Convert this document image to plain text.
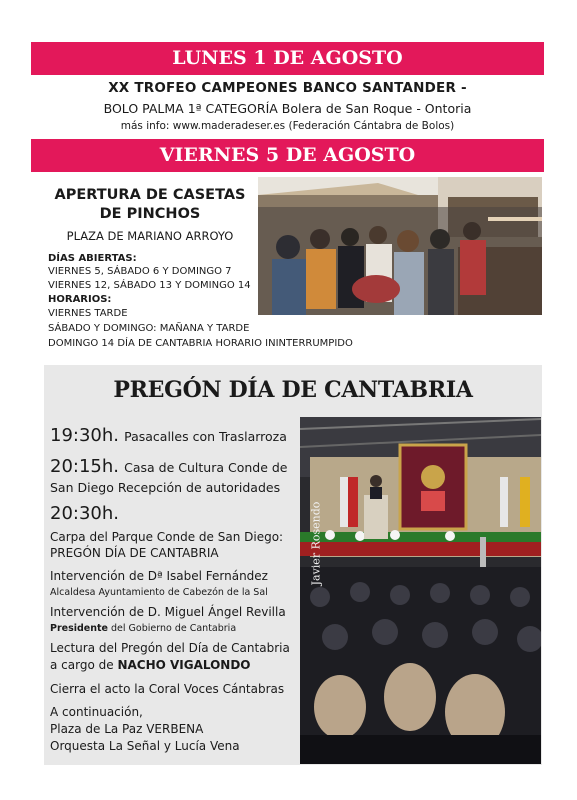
LUNES 1 DE AGOSTO
XX TROFEO CAMPEONES BANCO SANTANDER -
BOLO PALMA 1ª CATEGORÍA Bolera de San Roque - Ontoria
más info: www.maderadeser.es (Federación Cántabra de Bolos)
VIERNES 5 DE AGOSTO
APERTURA DE CASETAS
DE PINCHOS
PLAZA DE MARIANO ARROYO
DÍAS ABIERTAS:
VIERNES 5, SÁBADO 6 Y DOMINGO 7
VIERNES 12, SÁBADO 13 Y DOMINGO 14
HORARIOS:
VIERNES TARDE
SÁBADO Y DOMINGO: MAÑANA Y TARDE
DOMINGO 14 DÍA DE CANTABRIA HORARIO ININTERRUMPIDO
PREGÓN DÍA DE CANTABRIA
Javier Rosendo
19:30h. Pasacalles con Traslarroza
20:15h. Casa de Cultura Conde de
San Diego Recepción de autoridades
20:30h.
Carpa del Parque Conde de San Diego:
PREGÓN DÍA DE CANTABRIA
Intervención de Dª Isabel Fernández
Alcaldesa Ayuntamiento de Cabezón de la Sal
Intervención de D. Miguel Ángel Revilla
Presidente del Gobierno de Cantabria
Lectura del Pregón del Día de Cantabria
a cargo de NACHO VIGALONDO
Cierra el acto la Coral Voces Cántabras
A continuación,
Plaza de La Paz VERBENA
Orquesta La Señal y Lucía Vena
